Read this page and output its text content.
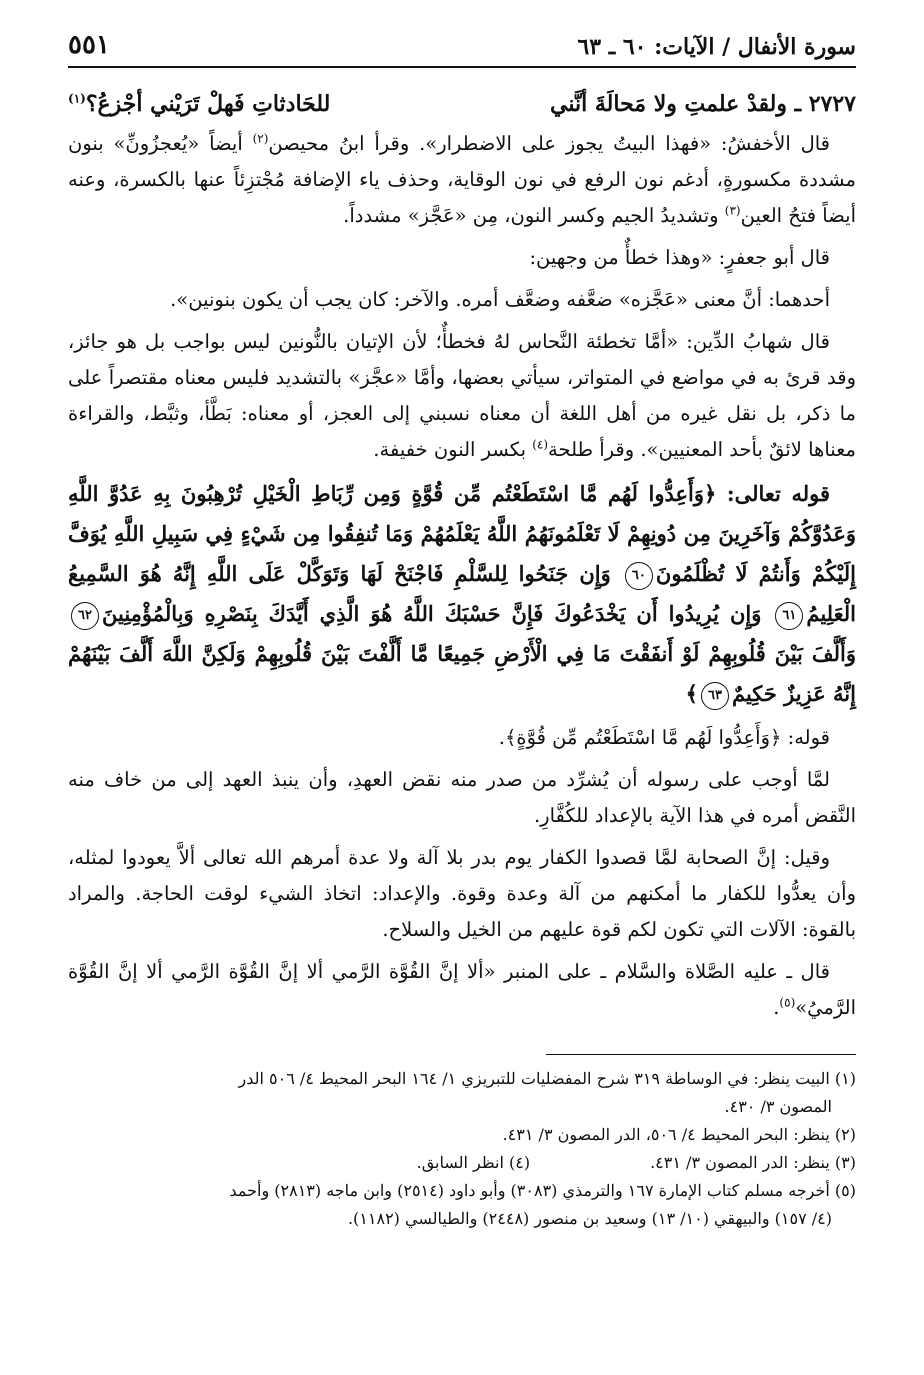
سورة الأنفال / الآيات: ٦٠ ـ ٦٣
٥٥١
٢٧٢٧ ـ ولقدْ علمتِ ولا مَحالَةَ أنَّني
للحَادثاتِ فَهلْ تَرَيْني أجْزعُ؟$^{(١)}$

قال الأخفشُ: «فهذا البيتُ يجوز على الاضطرار». وقرأ ابنُ محيصن$^{(٢)}$ أيضاً «يُعجزُونِّ» بنون مشددة مكسورةٍ، أدغم نون الرفع في نون الوقاية، وحذف ياء الإضافة مُجْتزِئاً عنها بالكسرة، وعنه أيضاً فتحُ العين$^{(٣)}$ وتشديدُ الجيم وكسر النون، مِن «عَجَّز» مشدداً.

قال أبو جعفرٍ: «وهذا خطأٌ من وجهين:

أحدهما: أنَّ معنى «عَجَّزه» ضعَّفه وضعَّف أمره. والآخر: كان يجب أن يكون بنونين».

قال شهابُ الدِّين: «أمَّا تخطئة النَّحاس لهُ فخطأٌ؛ لأن الإتيان بالنُّونين ليس بواجب بل هو جائز، وقد قرئ به في مواضع في المتواتر، سيأتي بعضها، وأمَّا «عجَّز» بالتشديد فليس معناه مقتصراً على ما ذكر، بل نقل غيره من أهل اللغة أن معناه نسبني إلى العجز، أو معناه: بَطَّأ، وثبَّط، والقراءة معناها لائقٌ بأحد المعنيين». وقرأ طلحة$^{(٤)}$ بكسر النون خفيفة.

قوله تعالى: ﴿وَأَعِدُّوا لَهُم مَّا اسْتَطَعْتُم مِّن قُوَّةٍ وَمِن رِّبَاطِ الْخَيْلِ تُرْهِبُونَ بِهِ عَدُوَّ اللَّهِ وَعَدُوَّكُمْ وَآخَرِينَ مِن دُونِهِمْ لَا تَعْلَمُونَهُمُ اللَّهُ يَعْلَمُهُمْ وَمَا تُنفِقُوا مِن شَيْءٍ فِي سَبِيلِ اللَّهِ يُوَفَّ إِلَيْكُمْ وَأَنتُمْ لَا تُظْلَمُونَ٦٠ وَإِن جَنَحُوا لِلسَّلْمِ فَاجْنَحْ لَهَا وَتَوَكَّلْ عَلَى اللَّهِ إِنَّهُ هُوَ السَّمِيعُ الْعَلِيمُ٦١ وَإِن يُرِيدُوا أَن يَخْدَعُوكَ فَإِنَّ حَسْبَكَ اللَّهُ هُوَ الَّذِي أَيَّدَكَ بِنَصْرِهِ وَبِالْمُؤْمِنِينَ٦٢ وَأَلَّفَ بَيْنَ قُلُوبِهِمْ لَوْ أَنفَقْتَ مَا فِي الْأَرْضِ جَمِيعًا مَّا أَلَّفْتَ بَيْنَ قُلُوبِهِمْ وَلَكِنَّ اللَّهَ أَلَّفَ بَيْنَهُمْ إِنَّهُ عَزِيزٌ حَكِيمٌ٦٣﴾

قوله: ﴿وَأَعِدُّوا لَهُم مَّا اسْتَطَعْتُم مِّن قُوَّةٍ﴾.

لمَّا أوجب على رسوله أن يُشرِّد من صدر منه نقض العهدِ، وأن ينبذ العهد إلى من خاف منه النَّقض أمره في هذا الآية بالإعداد للكُفَّارِ.

وقيل: إنَّ الصحابة لمَّا قصدوا الكفار يوم بدر بلا آلة ولا عدة أمرهم الله تعالى ألاَّ يعودوا لمثله، وأن يعدُّوا للكفار ما أمكنهم من آلة وعدة وقوة. والإعداد: اتخاذ الشيء لوقت الحاجة. والمراد بالقوة: الآلات التي تكون لكم قوة عليهم من الخيل والسلاح.

قال ـ عليه الصَّلاة والسَّلام ـ على المنبر «ألا إنَّ القُوَّة الرَّمي ألا إنَّ القُوَّة الرَّمي ألا إنَّ القُوَّة الرَّميُ»$^{(٥)}$.

(١) البيت ينظر: في الوساطة ٣١٩ شرح المفضليات للتبريزي ١/ ١٦٤ البحر المحيط ٤/ ٥٠٦ الدر
المصون ٣/ ٤٣٠.
(٢) ينظر: البحر المحيط ٤/ ٥٠٦، الدر المصون ٣/ ٤٣١.
(٣) ينظر: الدر المصون ٣/ ٤٣١.
(٤) انظر السابق.
(٥) أخرجه مسلم كتاب الإمارة ١٦٧ والترمذي (٣٠٨٣) وأبو داود (٢٥١٤) وابن ماجه (٢٨١٣) وأحمد
(٤/ ١٥٧) والبيهقي (١٠/ ١٣) وسعيد بن منصور (٢٤٤٨) والطيالسي (١١٨٢).
